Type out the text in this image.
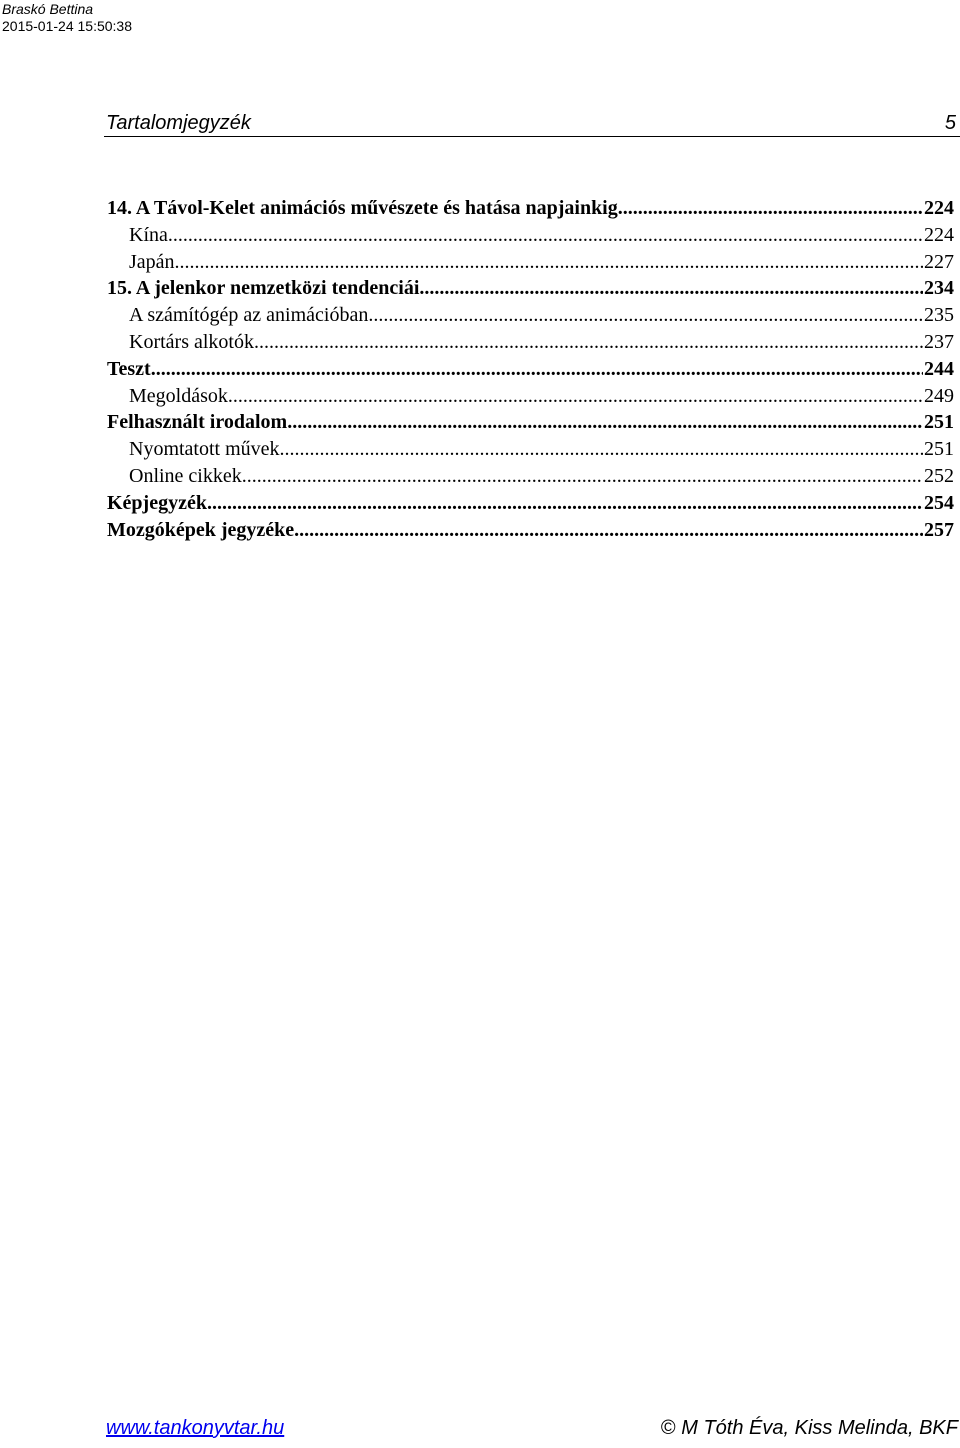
Braskó Bettina
2015-01-24 15:50:38
Tartalomjegyzék	5
14. A Távol-Kelet animációs művészete és hatása napjainkig .....	224
Kína .....	224
Japán .....	227
15. A jelenkor nemzetközi tendenciái .....	234
A számítógép az animációban .....	235
Kortárs alkotók .....	237
Teszt .....	244
Megoldások .....	249
Felhasznált irodalom .....	251
Nyomtatott művek .....	251
Online cikkek .....	252
Képjegyzék .....	254
Mozgóképek jegyzéke .....	257
www.tankonyvtar.hu	© M Tóth Éva, Kiss Melinda, BKF
